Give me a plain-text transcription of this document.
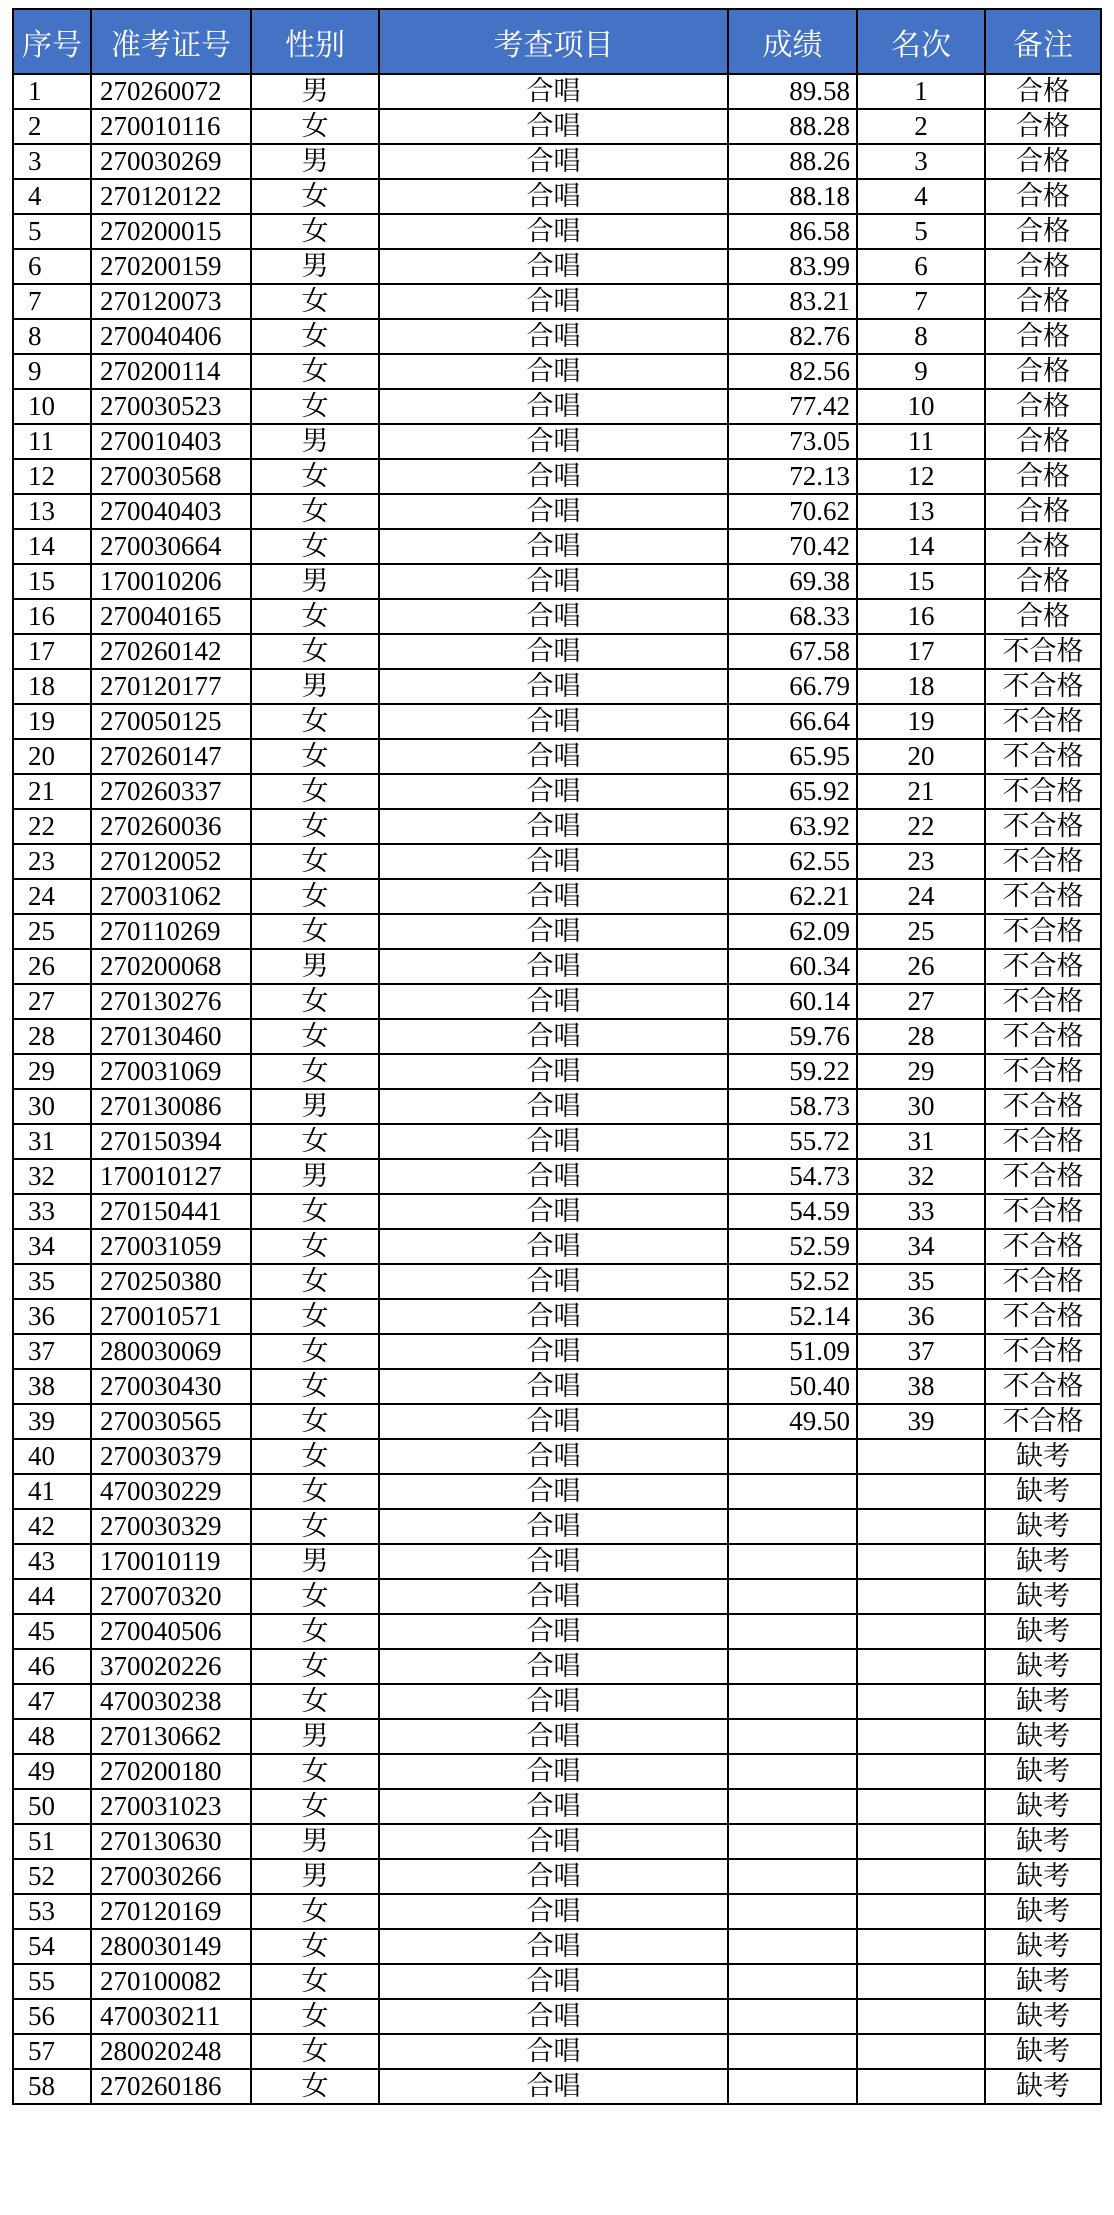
序号	准考证号	性别	考查项目	成绩	名次	备注
1	270260072	男	合唱	89.58	1	合格
2	270010116	女	合唱	88.28	2	合格
3	270030269	男	合唱	88.26	3	合格
4	270120122	女	合唱	88.18	4	合格
5	270200015	女	合唱	86.58	5	合格
6	270200159	男	合唱	83.99	6	合格
7	270120073	女	合唱	83.21	7	合格
8	270040406	女	合唱	82.76	8	合格
9	270200114	女	合唱	82.56	9	合格
10	270030523	女	合唱	77.42	10	合格
11	270010403	男	合唱	73.05	11	合格
12	270030568	女	合唱	72.13	12	合格
13	270040403	女	合唱	70.62	13	合格
14	270030664	女	合唱	70.42	14	合格
15	170010206	男	合唱	69.38	15	合格
16	270040165	女	合唱	68.33	16	合格
17	270260142	女	合唱	67.58	17	不合格
18	270120177	男	合唱	66.79	18	不合格
19	270050125	女	合唱	66.64	19	不合格
20	270260147	女	合唱	65.95	20	不合格
21	270260337	女	合唱	65.92	21	不合格
22	270260036	女	合唱	63.92	22	不合格
23	270120052	女	合唱	62.55	23	不合格
24	270031062	女	合唱	62.21	24	不合格
25	270110269	女	合唱	62.09	25	不合格
26	270200068	男	合唱	60.34	26	不合格
27	270130276	女	合唱	60.14	27	不合格
28	270130460	女	合唱	59.76	28	不合格
29	270031069	女	合唱	59.22	29	不合格
30	270130086	男	合唱	58.73	30	不合格
31	270150394	女	合唱	55.72	31	不合格
32	170010127	男	合唱	54.73	32	不合格
33	270150441	女	合唱	54.59	33	不合格
34	270031059	女	合唱	52.59	34	不合格
35	270250380	女	合唱	52.52	35	不合格
36	270010571	女	合唱	52.14	36	不合格
37	280030069	女	合唱	51.09	37	不合格
38	270030430	女	合唱	50.40	38	不合格
39	270030565	女	合唱	49.50	39	不合格
40	270030379	女	合唱			缺考
41	470030229	女	合唱			缺考
42	270030329	女	合唱			缺考
43	170010119	男	合唱			缺考
44	270070320	女	合唱			缺考
45	270040506	女	合唱			缺考
46	370020226	女	合唱			缺考
47	470030238	女	合唱			缺考
48	270130662	男	合唱			缺考
49	270200180	女	合唱			缺考
50	270031023	女	合唱			缺考
51	270130630	男	合唱			缺考
52	270030266	男	合唱			缺考
53	270120169	女	合唱			缺考
54	280030149	女	合唱			缺考
55	270100082	女	合唱			缺考
56	470030211	女	合唱			缺考
57	280020248	女	合唱			缺考
58	270260186	女	合唱			缺考
